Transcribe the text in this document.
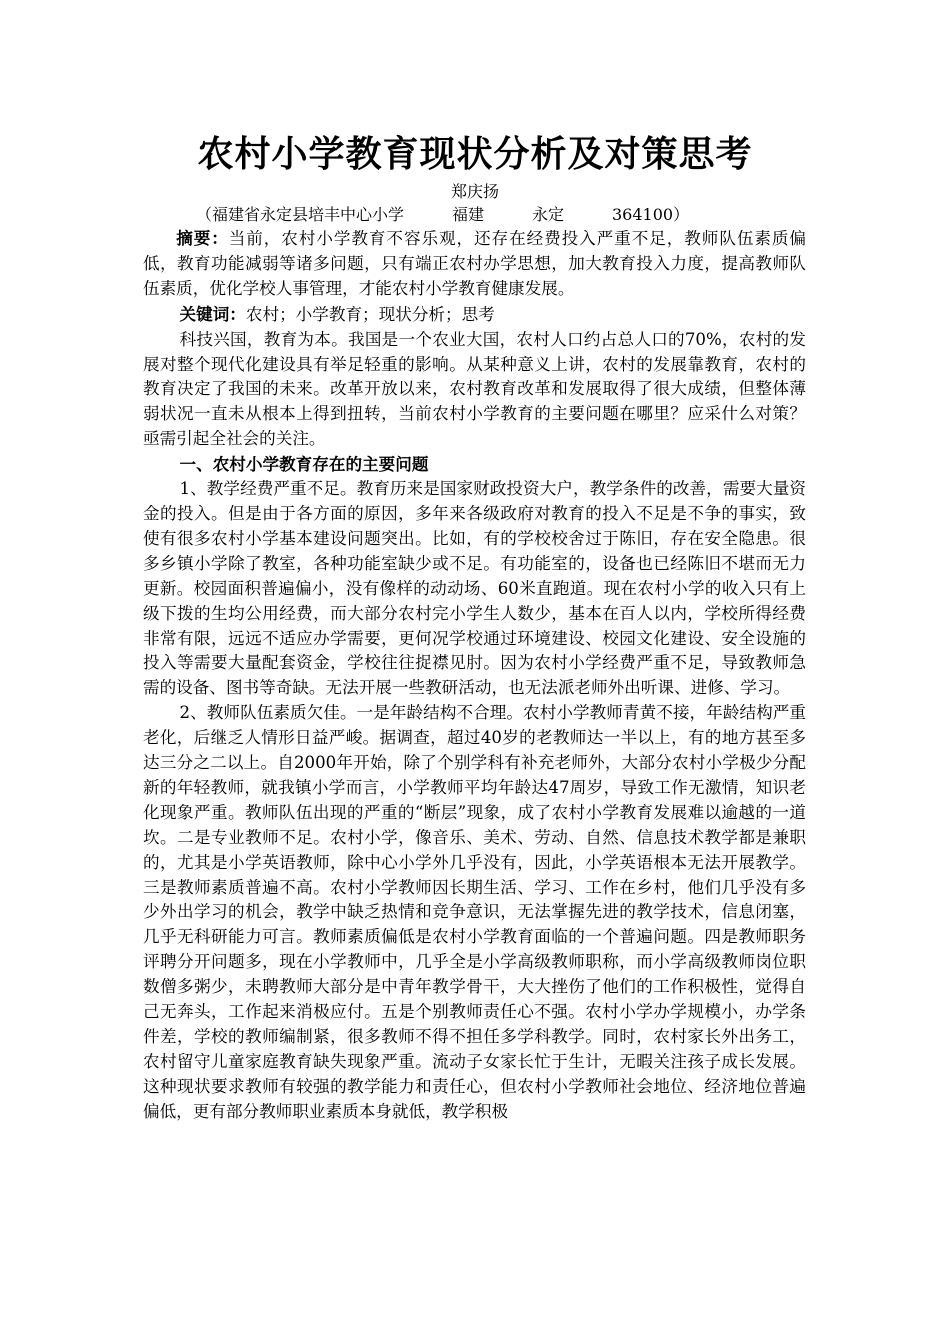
农村小学教育现状分析及对策思考
郑庆扬
（福建省永定县培丰中心小学　　　福建　　　永定　　　364100）

摘要：当前，农村小学教育不容乐观，还存在经费投入严重不足，教师队伍素质偏低，教育功能减弱等诸多问题，只有端正农村办学思想，加大教育投入力度，提高教师队伍素质，优化学校人事管理，才能农村小学教育健康发展。

关键词：农村；小学教育；现状分析；思考

科技兴国，教育为本。我国是一个农业大国，农村人口约占总人口的70%，农村的发展对整个现代化建设具有举足轻重的影响。从某种意义上讲，农村的发展靠教育，农村的教育决定了我国的未来。改革开放以来，农村教育改革和发展取得了很大成绩，但整体薄弱状况一直未从根本上得到扭转，当前农村小学教育的主要问题在哪里？应采什么对策？亟需引起全社会的关注。

一、农村小学教育存在的主要问题

1、教学经费严重不足。教育历来是国家财政投资大户，教学条件的改善，需要大量资金的投入。但是由于各方面的原因，多年来各级政府对教育的投入不足是不争的事实，致使有很多农村小学基本建设问题突出。比如，有的学校校舍过于陈旧，存在安全隐患。很多乡镇小学除了教室，各种功能室缺少或不足。有功能室的，设备也已经陈旧不堪而无力更新。校园面积普遍偏小，没有像样的动动场、60米直跑道。现在农村小学的收入只有上级下拨的生均公用经费，而大部分农村完小学生人数少，基本在百人以内，学校所得经费非常有限，远远不适应办学需要，更何况学校通过环境建设、校园文化建设、安全设施的投入等需要大量配套资金，学校往往捉襟见肘。因为农村小学经费严重不足，导致教师急需的设备、图书等奇缺。无法开展一些教研活动，也无法派老师外出听课、进修、学习。

2、教师队伍素质欠佳。一是年龄结构不合理。农村小学教师青黄不接，年龄结构严重老化，后继乏人情形日益严峻。据调查，超过40岁的老教师达一半以上，有的地方甚至多达三分之二以上。自2000年开始，除了个别学科有补充老师外，大部分农村小学极少分配新的年轻教师，就我镇小学而言，小学教师平均年龄达47周岁，导致工作无激情，知识老化现象严重。教师队伍出现的严重的“断层”现象，成了农村小学教育发展难以逾越的一道坎。二是专业教师不足。农村小学，像音乐、美术、劳动、自然、信息技术教学都是兼职的，尤其是小学英语教师，除中心小学外几乎没有，因此，小学英语根本无法开展教学。三是教师素质普遍不高。农村小学教师因长期生活、学习、工作在乡村，他们几乎没有多少外出学习的机会，教学中缺乏热情和竞争意识，无法掌握先进的教学技术，信息闭塞，几乎无科研能力可言。教师素质偏低是农村小学教育面临的一个普遍问题。四是教师职务评聘分开问题多，现在小学教师中，几乎全是小学高级教师职称，而小学高级教师岗位职数僧多粥少，未聘教师大部分是中青年教学骨干，大大挫伤了他们的工作积极性，觉得自己无奔头，工作起来消极应付。五是个别教师责任心不强。农村小学办学规模小，办学条件差，学校的教师编制紧，很多教师不得不担任多学科教学。同时，农村家长外出务工，农村留守儿童家庭教育缺失现象严重。流动子女家长忙于生计，无暇关注孩子成长发展。这种现状要求教师有较强的教学能力和责任心，但农村小学教师社会地位、经济地位普遍偏低，更有部分教师职业素质本身就低，教学积极
